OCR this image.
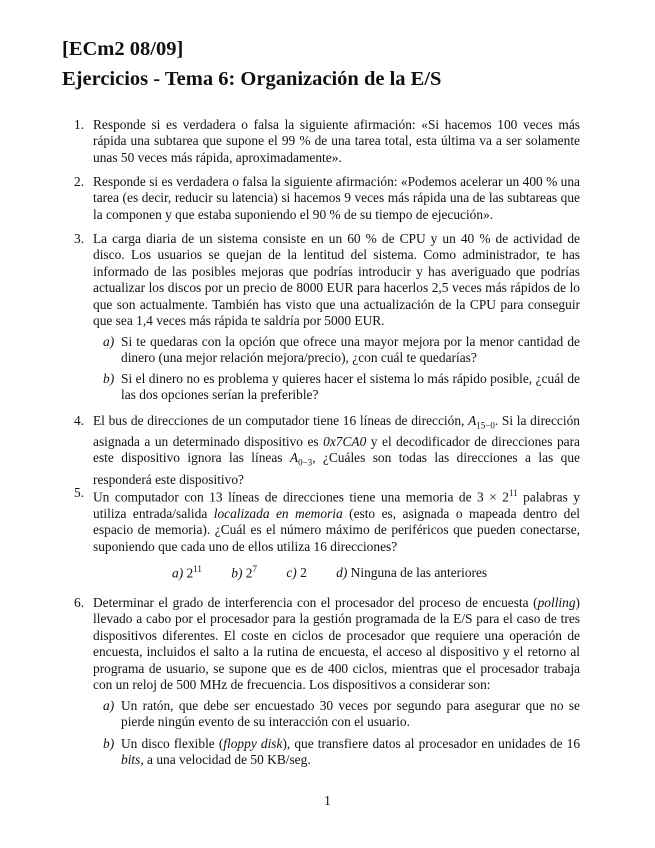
[ECm2 08/09]
Ejercicios - Tema 6: Organización de la E/S
1. Responde si es verdadera o falsa la siguiente afirmación: «Si hacemos 100 veces más rápida una subtarea que supone el 99 % de una tarea total, esta última va a ser solamente unas 50 veces más rápida, aproximadamente».
2. Responde si es verdadera o falsa la siguiente afirmación: «Podemos acelerar un 400 % una tarea (es decir, reducir su latencia) si hacemos 9 veces más rápida una de las subtareas que la componen y que estaba suponiendo el 90 % de su tiempo de ejecución».
3. La carga diaria de un sistema consiste en un 60 % de CPU y un 40 % de actividad de disco. Los usuarios se quejan de la lentitud del sistema. Como administrador, te has informado de las posibles mejoras que podrías introducir y has averiguado que podrías actualizar los discos por un precio de 8000 EUR para hacerlos 2,5 veces más rápidos de lo que son actualmente. También has visto que una actualización de la CPU para conseguir que sea 1,4 veces más rápida te saldría por 5000 EUR.
a) Si te quedaras con la opción que ofrece una mayor mejora por la menor cantidad de dinero (una mejor relación mejora/precio), ¿con cuál te quedarías?
b) Si el dinero no es problema y quieres hacer el sistema lo más rápido posible, ¿cuál de las dos opciones serían la preferible?
4. El bus de direcciones de un computador tiene 16 líneas de dirección, $A_{15-0}$. Si la dirección asignada a un determinado dispositivo es 0x7CA0 y el decodificador de direcciones para este dispositivo ignora las líneas $A_{0-3}$, ¿Cuáles son todas las direcciones a las que responderá este dispositivo?
5. Un computador con 13 líneas de direcciones tiene una memoria de $3 \times 2^{11}$ palabras y utiliza entrada/salida localizada en memoria (esto es, asignada o mapeada dentro del espacio de memoria). ¿Cuál es el número máximo de periféricos que pueden conectarse, suponiendo que cada uno de ellos utiliza 16 direcciones?
a) $2^{11}$ b) $2^7$ c) 2 d) Ninguna de las anteriores
6. Determinar el grado de interferencia con el procesador del proceso de encuesta (polling) llevado a cabo por el procesador para la gestión programada de la E/S para el caso de tres dispositivos diferentes. El coste en ciclos de procesador que requiere una operación de encuesta, incluidos el salto a la rutina de encuesta, el acceso al dispositivo y el retorno al programa de usuario, se supone que es de 400 ciclos, mientras que el procesador trabaja con un reloj de 500 MHz de frecuencia. Los dispositivos a considerar son:
a) Un ratón, que debe ser encuestado 30 veces por segundo para asegurar que no se pierde ningún evento de su interacción con el usuario.
b) Un disco flexible (floppy disk), que transfiere datos al procesador en unidades de 16 bits, a una velocidad de 50 KB/seg.
1
